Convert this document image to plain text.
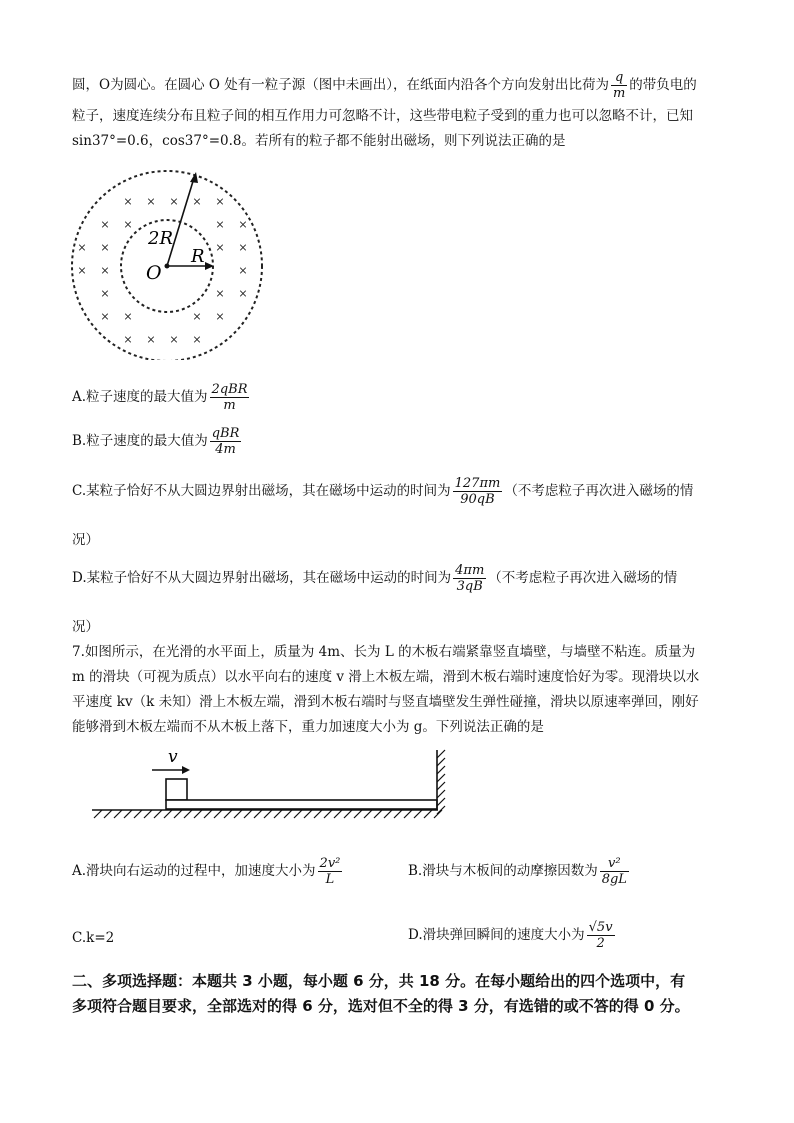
圆，O为圆心。在圆心 O 处有一粒子源（图中未画出），在纸面内沿各个方向发射出比荷为 $\frac{q}{m}$ 的带负电的
粒子，速度连续分布且粒子间的相互作用力可忽略不计，这些带电粒子受到的重力也可以忽略不计，已知
sin37°=0.6，cos37°=0.8。若所有的粒子都不能射出磁场，则下列说法正确的是
× × × × ×
× ×	× ×
× ×	× ×
× ×	×
×	× ×
× ×	× ×
× × × ×
2R
R
O
A.粒子速度的最大值为 $\frac{\text{2qBR}}{m}$
B.粒子速度的最大值为 $\frac{\text{qBR}}{4m}$
C.某粒子恰好不从大圆边界射出磁场，其在磁场中运动的时间为 $\frac{127\pi m}{90qB}$ （不考虑粒子再次进入磁场的情
况）
D.某粒子恰好不从大圆边界射出磁场，其在磁场中运动的时间为 $\frac{4\pi m}{3qB}$ （不考虑粒子再次进入磁场的情
况）
7.如图所示，在光滑的水平面上，质量为 4m、长为 L 的木板右端紧靠竖直墙壁，与墙壁不粘连。质量为
m 的滑块（可视为质点）以水平向右的速度 v 滑上木板左端，滑到木板右端时速度恰好为零。现滑块以水
平速度 kv（k 未知）滑上木板左端，滑到木板右端时与竖直墙壁发生弹性碰撞，滑块以原速率弹回，刚好
能够滑到木板左端而不从木板上落下，重力加速度大小为 g。下列说法正确的是
v
A.滑块向右运动的过程中，加速度大小为 $\frac{\text{2v²}}{L}$	B.滑块与木板间的动摩擦因数为 $\frac{\text{v²}}{8gL}$
C.k=2	D.滑块弹回瞬间的速度大小为 $\frac{√5v}{2}$
二、多项选择题：本题共 3 小题，每小题 6 分，共 18 分。在每小题给出的四个选项中，有
多项符合题目要求，全部选对的得 6 分，选对但不全的得 3 分，有选错的或不答的得 0 分。
